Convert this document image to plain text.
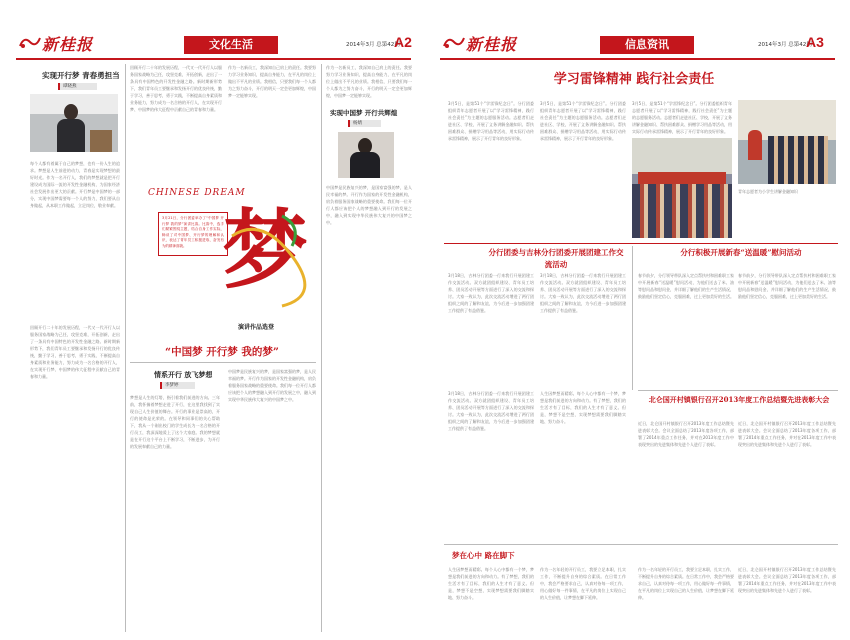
新桂报	文化生活	2014年3月 总第42期
A2
实现开行梦 青春勇担当
谭晓燕
每个人都有着属于自己的梦想，也有一份人生的追求。梦想是人生前进的动力，青春是实现梦想的最好时光。作为一名开行人，我们的梦想就是把开行建设成为国际一流的开发性金融机构，为国家经济社会发展作出更大的贡献。开行梦是中国梦的一部分，实现中国梦需要每一个人的努力，我们要从自身做起，从本职工作做起，立足岗位，敬业奉献。
回顾开行二十年的发展历程，一代又一代开行人以服务国家战略为己任，攻坚克难，开拓创新，走出了一条具有中国特色的开发性金融之路。新时期新形势下，我们青年员工要继承和发扬开行的优良传统，勤于学习，善于思考，勇于实践，不断提高自身素质和业务能力，努力成为一名合格的开行人，在实现开行梦、中国梦的伟大征程中贡献自己的青春和力量。
回顾开行二十年的发展历程，一代又一代开行人以服务国家战略为己任，攻坚克难，开拓创新，走出了一条具有中国特色的开发性金融之路。新时期新形势下，我们青年员工要继承和发扬开行的优良传统，勤于学习，善于思考，勇于实践，不断提高自身素质和业务能力，努力成为一名合格的开行人，在实现开行梦、中国梦的伟大征程中贡献自己的青春和力量。
作为一名新员工，我深知自己肩上的责任。我要努力学习业务知识，提高自身能力，在平凡的岗位上做出不平凡的业绩。我相信，只要我们每一个人都为之努力奋斗，开行的明天一定会更加辉煌，中国梦一定能够实现。
CHINESE DREAM
3月21日，分行团委举办了“中国梦 开行梦 我的梦”演讲比赛。比赛中，选手们紧紧围绕主题，结合自身工作实际，畅谈了对中国梦、开行梦的理解和认识，表达了青年员工积极进取、奋发有为的精神面貌。 梦
演讲作品选登
“中国梦 开行梦 我的梦”
情系开行 放飞梦想
李梦婷
梦想是人生的灯塔，指引着我们前进的方向。三年前，我怀揣着梦想走进了开行，在这里我找到了实现自己人生价值的舞台。开行的事业是崇高的，开行的使命是光荣的。在领导和同事们的关心帮助下，我从一个刚出校门的学生成长为一名合格的开行员工，我深深地爱上了这个大家庭。我的梦想就是在开行这个平台上不断学习，不断进步，为开行的发展奉献自己的力量。
中国梦是民族复兴的梦，是国家富强的梦，是人民幸福的梦。开行作为国家的开发性金融机构，肩负着服务国家战略的重要使命。我们每一位开行人都应该把个人的梦想融入到开行的发展之中，融入到实现中华民族伟大复兴的中国梦之中。
作为一名新员工，我深知自己肩上的责任。我要努力学习业务知识，提高自身能力，在平凡的岗位上做出不平凡的业绩。我相信，只要我们每一个人都为之努力奋斗，开行的明天一定会更加辉煌，中国梦一定能够实现。
实现中国梦 开行共辉煌
杨婧
中国梦是民族复兴的梦，是国家富强的梦，是人民幸福的梦。开行作为国家的开发性金融机构，肩负着服务国家战略的重要使命。我们每一位开行人都应该把个人的梦想融入到开行的发展之中，融入到实现中华民族伟大复兴的中国梦之中。
新桂报	信息资讯	2014年3月 总第42期
A3
学习雷锋精神 践行社会责任
3月5日，是第51个“学雷锋纪念日”。分行团委组织青年志愿者开展了以“学习雷锋精神，践行社会责任”为主题的志愿服务活动。志愿者们走进社区、学校，开展了义务讲解金融知识、帮扶困难群众、捐赠学习用品等活动，用实际行动传承雷锋精神，展示了开行青年的良好形象。
3月5日，是第51个“学雷锋纪念日”。分行团委组织青年志愿者开展了以“学习雷锋精神，践行社会责任”为主题的志愿服务活动。志愿者们走进社区、学校，开展了义务讲解金融知识、帮扶困难群众、捐赠学习用品等活动，用实际行动传承雷锋精神，展示了开行青年的良好形象。
3月5日，是第51个“学雷锋纪念日”。分行团委组织青年志愿者开展了以“学习雷锋精神，践行社会责任”为主题的志愿服务活动。志愿者们走进社区、学校，开展了义务讲解金融知识、帮扶困难群众、捐赠学习用品等活动，用实际行动传承雷锋精神，展示了开行青年的良好形象。
青年志愿者为小学生讲解金融知识
分行团委与吉林分行团委开展团建工作交流活动
3月18日，吉林分行团委一行来我行开展团建工作交流活动。双方就团组织建设、青年员工培养、团员活动开展等方面进行了深入的交流和探讨。大家一致认为，此次交流活动增进了两行团组织之间的了解和友谊，为今后进一步加强团建工作提供了有益借鉴。
3月18日，吉林分行团委一行来我行开展团建工作交流活动。双方就团组织建设、青年员工培养、团员活动开展等方面进行了深入的交流和探讨。大家一致认为，此次交流活动增进了两行团组织之间的了解和友谊，为今后进一步加强团建工作提供了有益借鉴。
分行积极开展新春“送温暖”慰问活动
春节前夕，分行领导带队深入定点帮扶村和困难职工家中开展新春“送温暖”慰问活动，为他们送去了米、油等慰问品和慰问金，并详细了解他们的生产生活情况，鼓励他们坚定信心，克服困难，过上更加美好的生活。
春节前夕，分行领导带队深入定点帮扶村和困难职工家中开展新春“送温暖”慰问活动，为他们送去了米、油等慰问品和慰问金，并详细了解他们的生产生活情况，鼓励他们坚定信心，克服困难，过上更加美好的生活。
北仑国开村镇银行召开2013年度工作总结暨先进表彰大会
近日，北仑国开村镇银行召开2013年度工作总结暨先进表彰大会。会议全面总结了2013年度各项工作，部署了2014年重点工作任务，并对在2013年度工作中表现突出的先进集体和先进个人进行了表彰。
近日，北仑国开村镇银行召开2013年度工作总结暨先进表彰大会。会议全面总结了2013年度各项工作，部署了2014年重点工作任务，并对在2013年度工作中表现突出的先进集体和先进个人进行了表彰。
3月18日，吉林分行团委一行来我行开展团建工作交流活动。双方就团组织建设、青年员工培养、团员活动开展等方面进行了深入的交流和探讨。大家一致认为，此次交流活动增进了两行团组织之间的了解和友谊，为今后进一步加强团建工作提供了有益借鉴。
人生因梦想而精彩。每个人心中都有一个梦，梦想是我们前进的方向和动力。有了梦想，我们的生活才有了目标，我们的人生才有了意义。但是，梦想不是空想，实现梦想需要我们脚踏实地、努力奋斗。
梦在心中 路在脚下
人生因梦想而精彩。每个人心中都有一个梦，梦想是我们前进的方向和动力。有了梦想，我们的生活才有了目标，我们的人生才有了意义。但是，梦想不是空想，实现梦想需要我们脚踏实地、努力奋斗。
作为一名年轻的开行员工，我要立足本职，扎实工作，不断提升自身的综合素质。在日常工作中，我会严格要求自己，认真对待每一项工作，用心做好每一件事情，在平凡的岗位上实现自己的人生价值，让梦想在脚下延伸。
作为一名年轻的开行员工，我要立足本职，扎实工作，不断提升自身的综合素质。在日常工作中，我会严格要求自己，认真对待每一项工作，用心做好每一件事情，在平凡的岗位上实现自己的人生价值，让梦想在脚下延伸。
近日，北仑国开村镇银行召开2013年度工作总结暨先进表彰大会。会议全面总结了2013年度各项工作，部署了2014年重点工作任务，并对在2013年度工作中表现突出的先进集体和先进个人进行了表彰。
